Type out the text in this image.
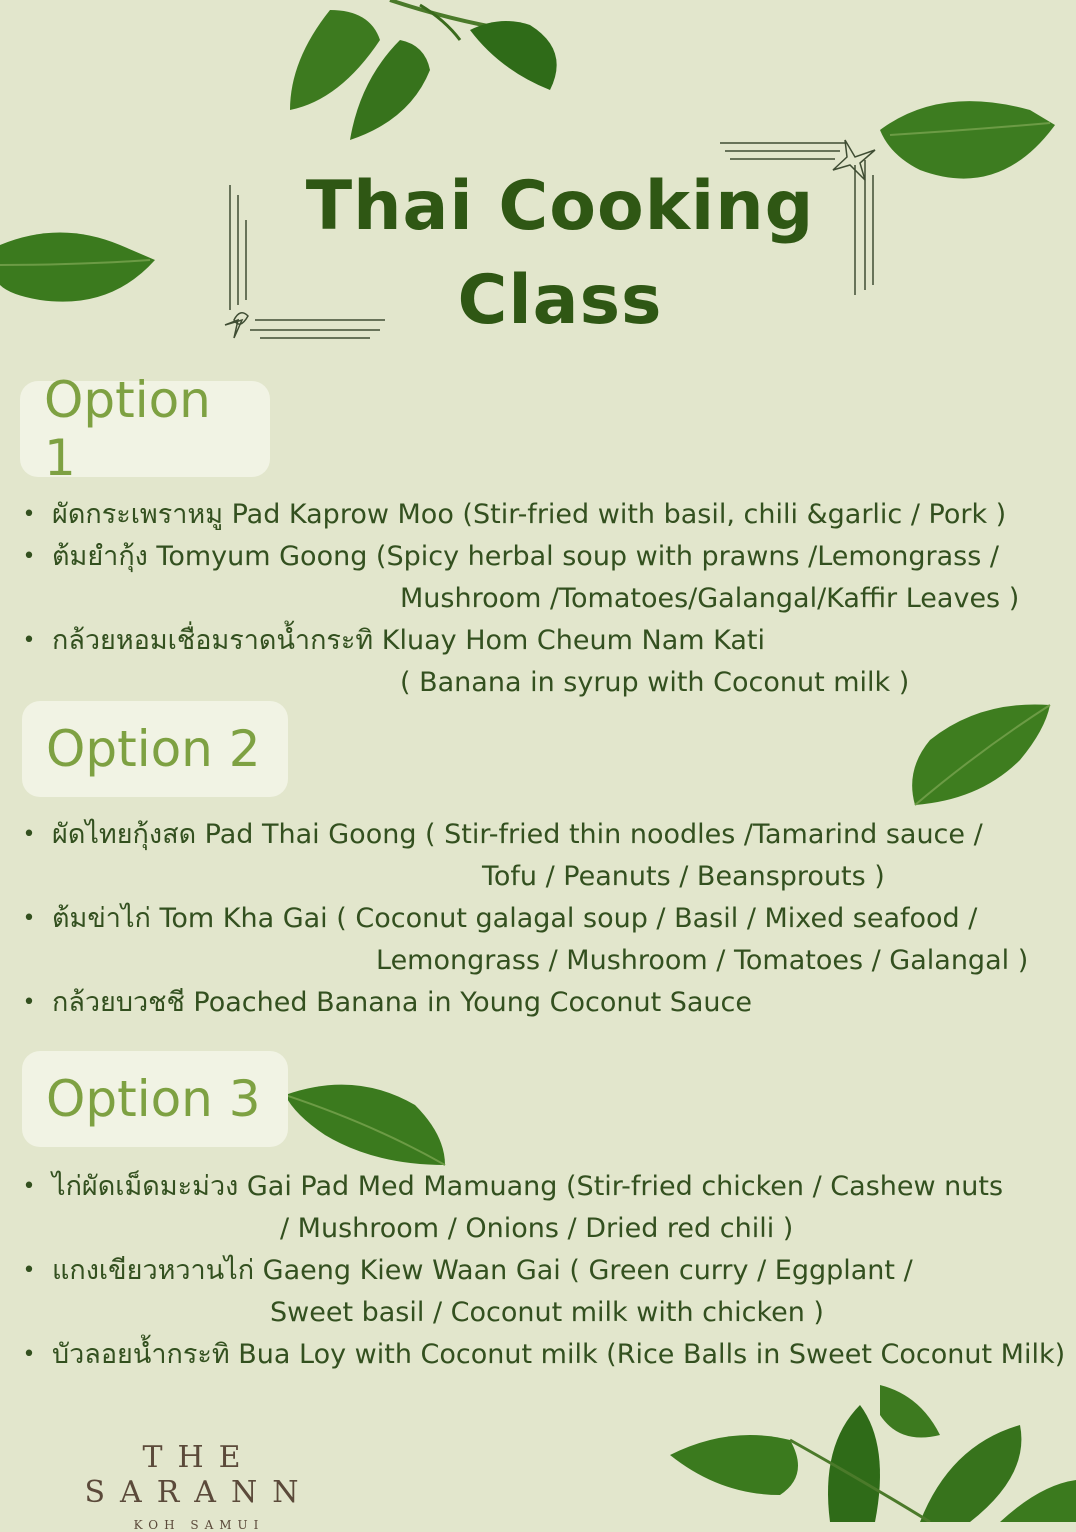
Thai Cooking
Class
Option 1
• ผัดกระเพราหมู Pad Kaprow Moo (Stir-fried with basil, chili &garlic / Pork )
• ต้มยำกุ้ง Tomyum Goong (Spicy herbal soup with prawns /Lemongrass /
Mushroom /Tomatoes/Galangal/Kaffir Leaves )
• กล้วยหอมเชื่อมราดน้ำกระทิ Kluay Hom Cheum Nam Kati
( Banana in syrup with Coconut milk )
Option 2
• ผัดไทยกุ้งสด Pad Thai Goong ( Stir-fried thin noodles /Tamarind sauce /
Tofu / Peanuts / Beansprouts )
• ต้มข่าไก่ Tom Kha Gai ( Coconut galagal soup / Basil / Mixed seafood /
Lemongrass / Mushroom / Tomatoes / Galangal )
• กล้วยบวชชี Poached Banana in Young Coconut Sauce
Option 3
• ไก่ผัดเม็ดมะม่วง Gai Pad Med Mamuang (Stir-fried chicken / Cashew nuts
/ Mushroom / Onions / Dried red chili )
• แกงเขียวหวานไก่ Gaeng Kiew Waan Gai ( Green curry / Eggplant /
Sweet basil / Coconut milk with chicken )
• บัวลอยน้ำกระทิ Bua Loy with Coconut milk (Rice Balls in Sweet Coconut Milk)
THE SARANN
KOH SAMUI
